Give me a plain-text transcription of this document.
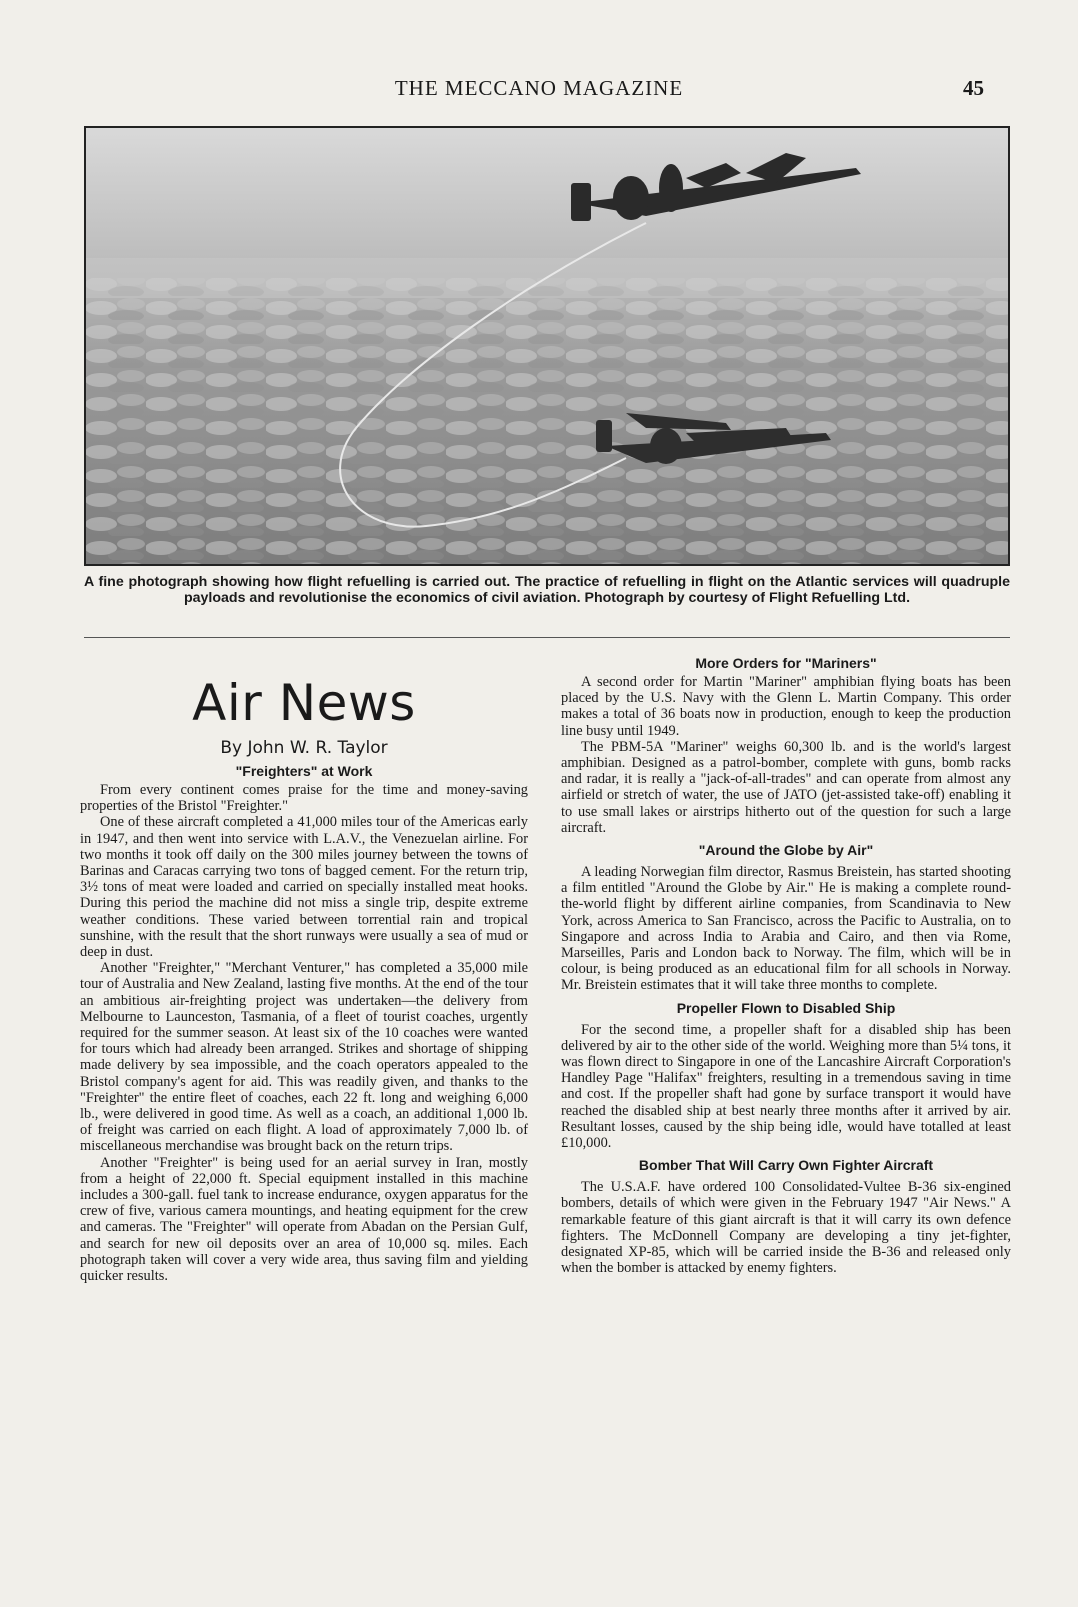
THE MECCANO MAGAZINE	45
A fine photograph showing how flight refuelling is carried out. The practice of refuelling in flight on the Atlantic services will quadruple payloads and revolutionise the economics of civil aviation. Photograph by courtesy of Flight Refuelling Ltd.
Air News
By John W. R. Taylor
"Freighters" at Work

From every continent comes praise for the time and money-saving properties of the Bristol "Freighter."

One of these aircraft completed a 41,000 miles tour of the Americas early in 1947, and then went into service with L.A.V., the Venezuelan airline. For two months it took off daily on the 300 miles journey between the towns of Barinas and Caracas carrying two tons of bagged cement. For the return trip, 3½ tons of meat were loaded and carried on specially installed meat hooks. During this period the machine did not miss a single trip, despite extreme weather conditions. These varied between torrential rain and tropical sunshine, with the result that the short runways were usually a sea of mud or deep in dust.

Another "Freighter," "Merchant Venturer," has completed a 35,000 mile tour of Australia and New Zealand, lasting five months. At the end of the tour an ambitious air-freighting project was undertaken—the delivery from Melbourne to Launceston, Tasmania, of a fleet of tourist coaches, urgently required for the summer season. At least six of the 10 coaches were wanted for tours which had already been arranged. Strikes and shortage of shipping made delivery by sea impossible, and the coach operators appealed to the Bristol company's agent for aid. This was readily given, and thanks to the "Freighter" the entire fleet of coaches, each 22 ft. long and weighing 6,000 lb., were delivered in good time. As well as a coach, an additional 1,000 lb. of freight was carried on each flight. A load of approximately 7,000 lb. of miscellaneous merchandise was brought back on the return trips.

Another "Freighter" is being used for an aerial survey in Iran, mostly from a height of 22,000 ft. Special equipment installed in this machine includes a 300-gall. fuel tank to increase endurance, oxygen apparatus for the crew of five, various camera mountings, and heating equipment for the crew and cameras. The "Freighter" will operate from Abadan on the Persian Gulf, and search for new oil deposits over an area of 10,000 sq. miles. Each photograph taken will cover a very wide area, thus saving film and yielding quicker results.

More Orders for "Mariners"

A second order for Martin "Mariner" amphibian flying boats has been placed by the U.S. Navy with the Glenn L. Martin Company. This order makes a total of 36 boats now in production, enough to keep the production line busy until 1949.

The PBM-5A "Mariner" weighs 60,300 lb. and is the world's largest amphibian. Designed as a patrol-bomber, complete with guns, bomb racks and radar, it is really a "jack-of-all-trades" and can operate from almost any airfield or stretch of water, the use of JATO (jet-assisted take-off) enabling it to use small lakes or airstrips hitherto out of the question for such a large aircraft.

"Around the Globe by Air"

A leading Norwegian film director, Rasmus Breistein, has started shooting a film entitled "Around the Globe by Air." He is making a complete round-the-world flight by different airline companies, from Scandinavia to New York, across America to San Francisco, across the Pacific to Australia, on to Singapore and across India to Arabia and Cairo, and then via Rome, Marseilles, Paris and London back to Norway. The film, which will be in colour, is being produced as an educational film for all schools in Norway. Mr. Breistein estimates that it will take three months to complete.

Propeller Flown to Disabled Ship

For the second time, a propeller shaft for a disabled ship has been delivered by air to the other side of the world. Weighing more than 5¼ tons, it was flown direct to Singapore in one of the Lancashire Aircraft Corporation's Handley Page "Halifax" freighters, resulting in a tremendous saving in time and cost. If the propeller shaft had gone by surface transport it would have reached the disabled ship at best nearly three months after it arrived by air. Resultant losses, caused by the ship being idle, would have totalled at least £10,000.

Bomber That Will Carry Own Fighter Aircraft

The U.S.A.F. have ordered 100 Consolidated-Vultee B-36 six-engined bombers, details of which were given in the February 1947 "Air News." A remarkable feature of this giant aircraft is that it will carry its own defence fighters. The McDonnell Company are developing a tiny jet-fighter, designated XP-85, which will be carried inside the B-36 and released only when the bomber is attacked by enemy fighters.
